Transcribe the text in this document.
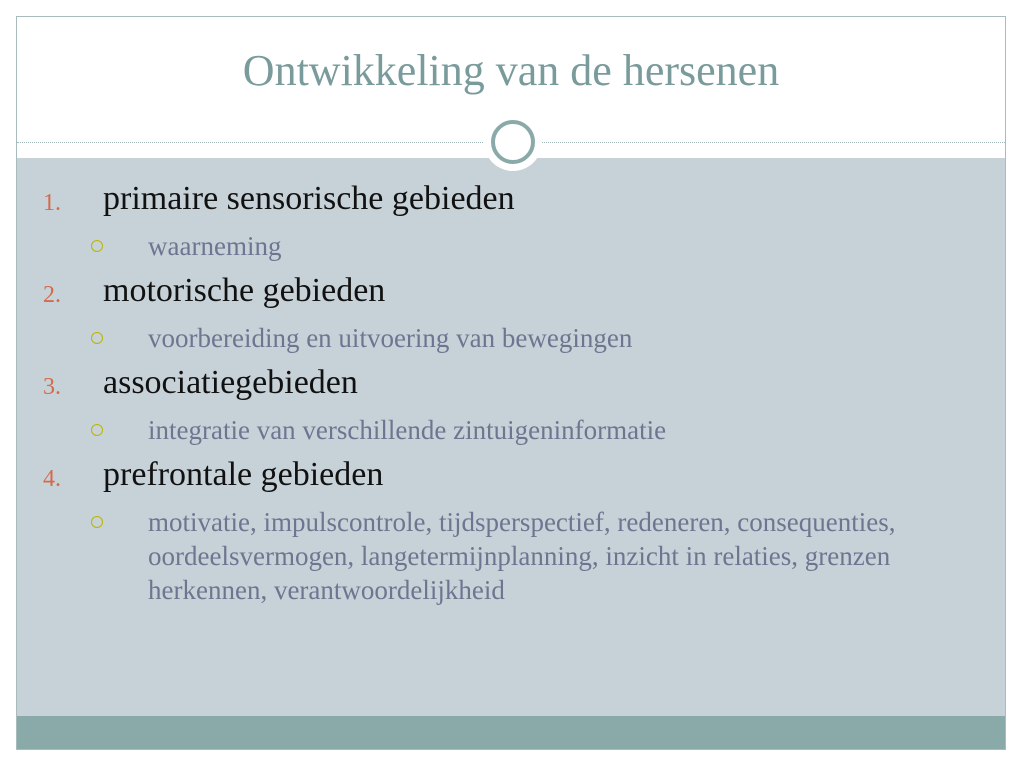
Ontwikkeling van de hersenen
1. primaire sensorische gebieden
waarneming
2. motorische gebieden
voorbereiding en uitvoering van bewegingen
3. associatiegebieden
integratie van verschillende zintuigeninformatie
4. prefrontale gebieden
motivatie, impulscontrole, tijdsperspectief, redeneren, consequenties, oordeelsvermogen, langetermijnplanning, inzicht in relaties, grenzen herkennen, verantwoordelijkheid
